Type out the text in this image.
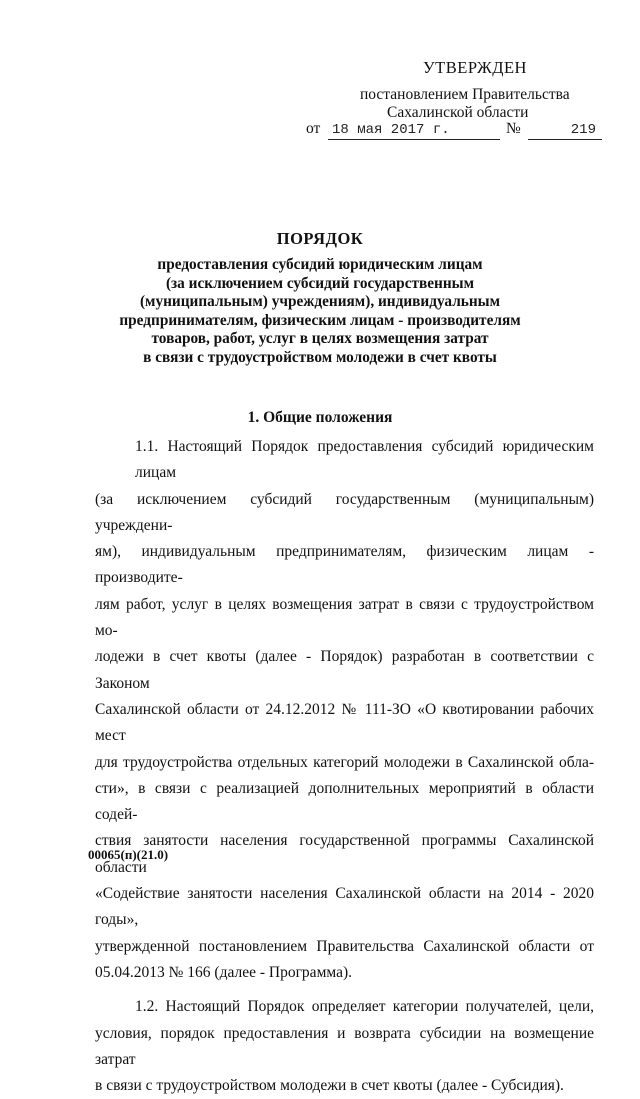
УТВЕРЖДЕН
постановлением Правительства
Сахалинской области
от 18 мая 2017 г.	№	219
ПОРЯДОК
предоставления субсидий юридическим лицам
(за исключением субсидий государственным
(муниципальным) учреждениям), индивидуальным
предпринимателям, физическим лицам - производителям
товаров, работ, услуг в целях возмещения затрат
в связи с трудоустройством молодежи в счет квоты
1. Общие положения
1.1. Настоящий Порядок предоставления субсидий юридическим лицам
(за исключением субсидий государственным (муниципальным) учреждени-
ям), индивидуальным предпринимателям, физическим лицам - производите-
лям работ, услуг в целях возмещения затрат в связи с трудоустройством мо-
лодежи в счет квоты (далее - Порядок) разработан в соответствии с Законом
Сахалинской области от 24.12.2012 № 111-ЗО «О квотировании рабочих мест
для трудоустройства отдельных категорий молодежи в Сахалинской обла-
сти», в связи с реализацией дополнительных мероприятий в области содей-
ствия занятости населения государственной программы Сахалинской области
«Содействие занятости населения Сахалинской области на 2014 - 2020 годы»,
утвержденной постановлением Правительства Сахалинской области от
05.04.2013 № 166 (далее - Программа).
1.2. Настоящий Порядок определяет категории получателей, цели,
условия, порядок предоставления и возврата субсидии на возмещение затрат
в связи с трудоустройством молодежи в счет квоты (далее - Субсидия).
00065(п)(21.0)
